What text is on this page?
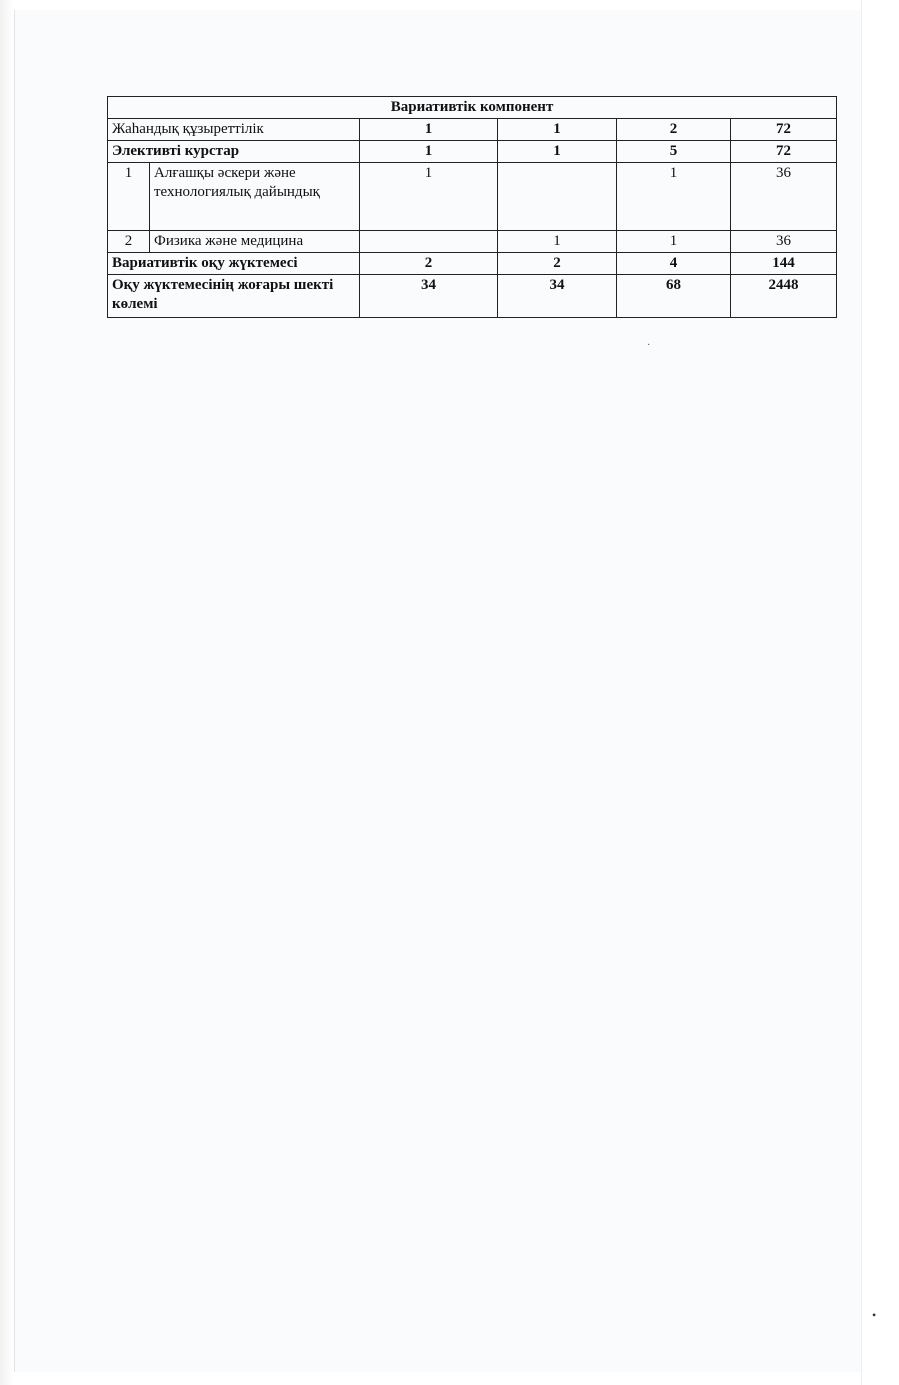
Вариативтік компонент					
Жаһандық құзыреттілік		1	1	2	72
Элективті курстар		1	1	5	72
1	Алғашқы әскери және технологиялық дайындық	1		1	36
2	Физика және медицина		1	1	36
Вариативтік оқу жүктемесі		2	2	4	144
Оқу жүктемесінің жоғары шекті көлемі		34	34	68	2448
·
•
